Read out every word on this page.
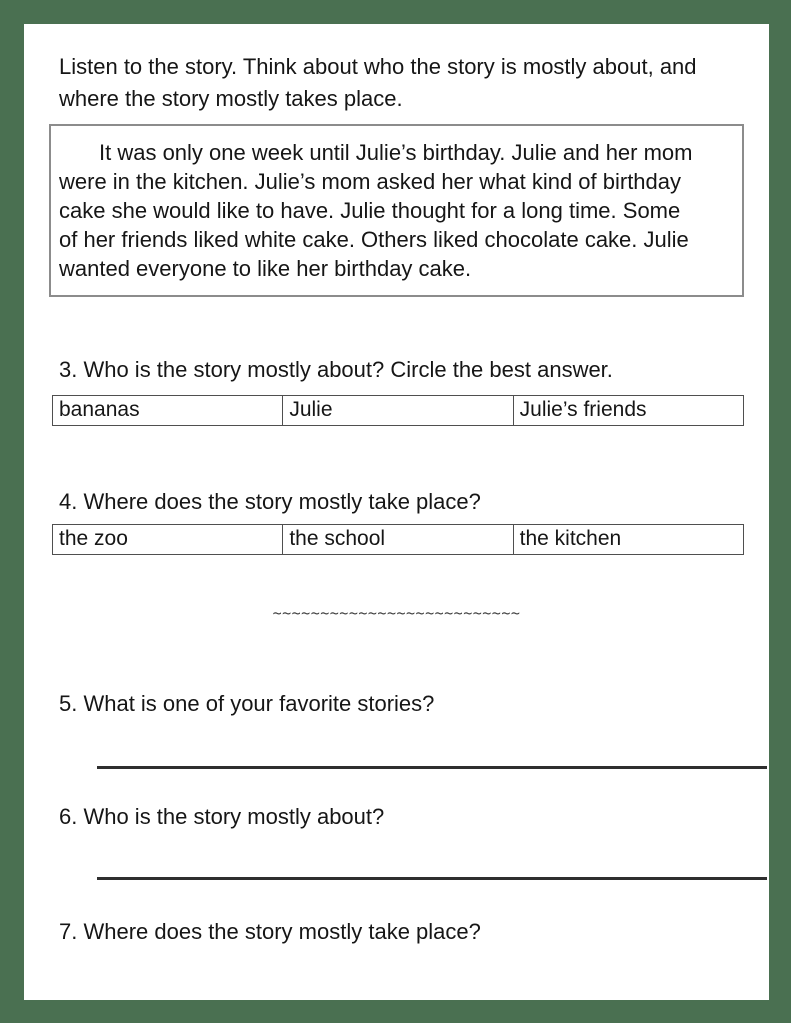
Listen to the story. Think about who the story is mostly about, and where the story mostly takes place.
It was only one week until Julie’s birthday. Julie and her mom
were in the kitchen. Julie’s mom asked her what kind of birthday
cake she would like to have. Julie thought for a long time. Some
of her friends liked white cake. Others liked chocolate cake. Julie
wanted everyone to like her birthday cake.
3. Who is the story mostly about? Circle the best answer.
bananas	Julie	Julie’s friends
4. Where does the story mostly take place?
the zoo	the school	the kitchen
~~~~~~~~~~~~~~~~~~~~~~~~~~
5. What is one of your favorite stories?
6. Who is the story mostly about?
7. Where does the story mostly take place?
